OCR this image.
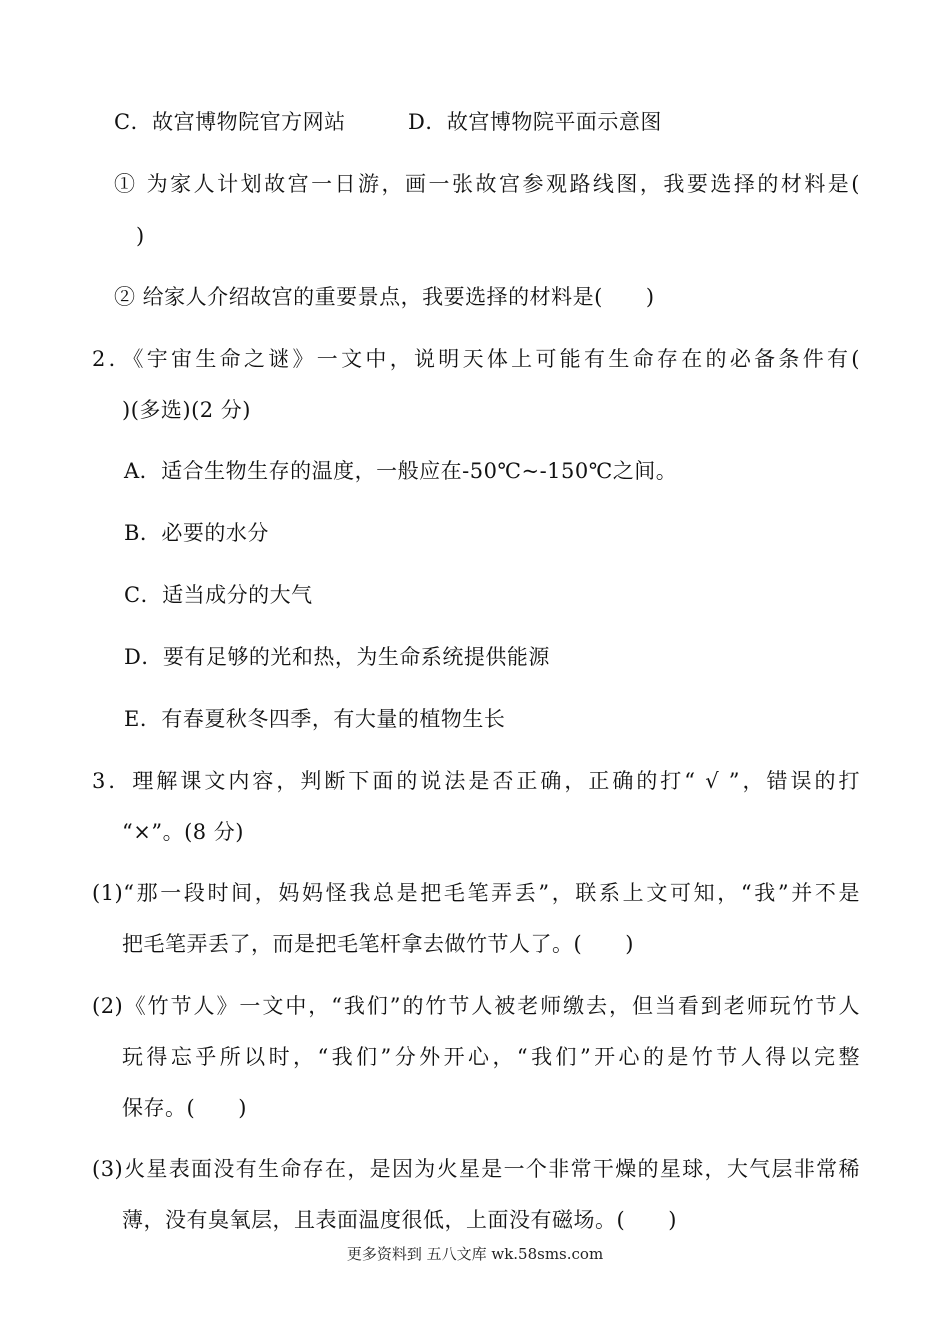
C．故宫博物院官方网站	D．故宫博物院平面示意图
① 为家人计划故宫一日游，画一张故宫参观路线图，我要选择的材料是(
)
② 给家人介绍故宫的重要景点，我要选择的材料是(　　)
2．《宇宙生命之谜》一文中，说明天体上可能有生命存在的必备条件有(
)(多选)(2 分)
A．适合生物生存的温度，一般应在-50℃~-150℃之间。
B．必要的水分
C．适当成分的大气
D．要有足够的光和热，为生命系统提供能源
E．有春夏秋冬四季，有大量的植物生长
3．理解课文内容，判断下面的说法是否正确，正确的打“ √ ”，错误的打
“×”。(8 分)
(1)“那一段时间，妈妈怪我总是把毛笔弄丢”，联系上文可知，“我”并不是
把毛笔弄丢了，而是把毛笔杆拿去做竹节人了。(　　)
(2)《竹节人》一文中，“我们”的竹节人被老师缴去，但当看到老师玩竹节人
玩得忘乎所以时，“我们”分外开心，“我们”开心的是竹节人得以完整
保存。(　　)
(3)火星表面没有生命存在，是因为火星是一个非常干燥的星球，大气层非常稀
薄，没有臭氧层，且表面温度很低，上面没有磁场。(　　)
更多资料到 五八文库 wk.58sms.com
